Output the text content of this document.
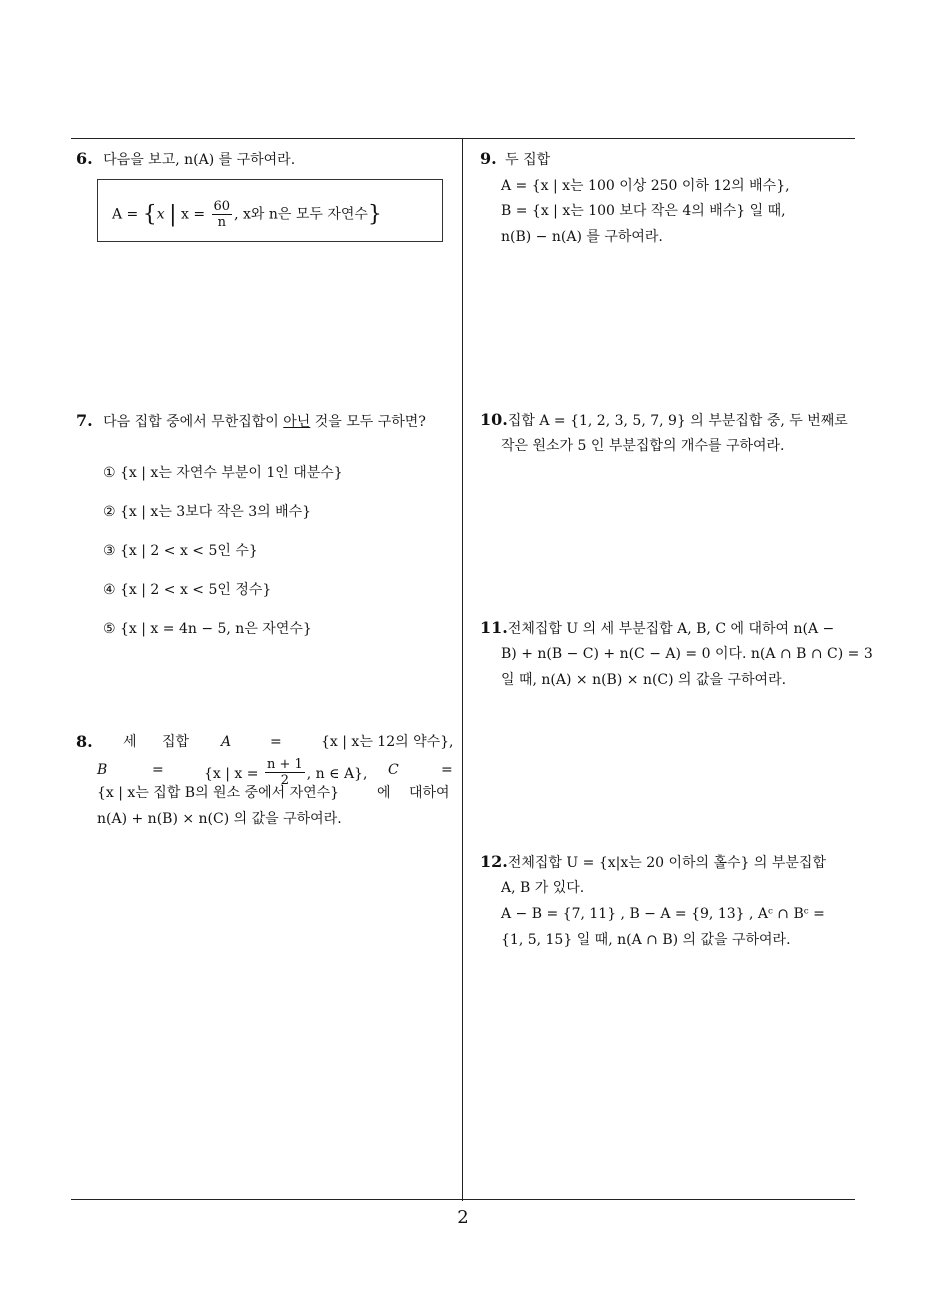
6. 다음을 보고, n(A) 를 구하여라.
A = {x | $x = \frac{60}{n}$ , x와 n은 모두 자연수}
7. 다음 집합 중에서 무한집합이 아닌 것을 모두 구하면?
① {x | x는 자연수 부분이 1인 대분수}
② {x | x는 3보다 작은 3의 배수}
③ {x | 2 < x < 5인 수}
④ {x | 2 < x < 5인 정수}
⑤ {x | x = 4n − 5, n은 자연수}
8. 세 집합 A	=	{x | x는 12의 약수},
B	=	{x | $x = \frac{n + 1}{2}$ , n ∈ A}, C	=
{x | x는 집합 B의 원소 중에서 자연수}	에 대하여
n(A) + n(B) × n(C) 의 값을 구하여라.
9. 두 집합
A = {x | x는 100 이상 250 이하 12의 배수},
B = {x | x는 100 보다 작은 4의 배수} 일 때,
n(B) − n(A) 를 구하여라.
10.집합 A = {1, 2, 3, 5, 7, 9} 의 부분집합 중, 두 번째로
작은 원소가 5 인 부분집합의 개수를 구하여라.
11.전체집합 U 의 세 부분집합 A, B, C 에 대하여 n(A −
B) + n(B − C) + n(C − A) = 0 이다. n(A ∩ B ∩ C) = 3
일 때, n(A) × n(B) × n(C) 의 값을 구하여라.
12.전체집합 U = {x|x는 20 이하의 홀수} 의 부분집합
A, B 가 있다.
A − B = {7, 11} , B − A = {9, 13} , Aᶜ ∩ Bᶜ =
{1, 5, 15} 일 때, n(A ∩ B) 의 값을 구하여라.
2
